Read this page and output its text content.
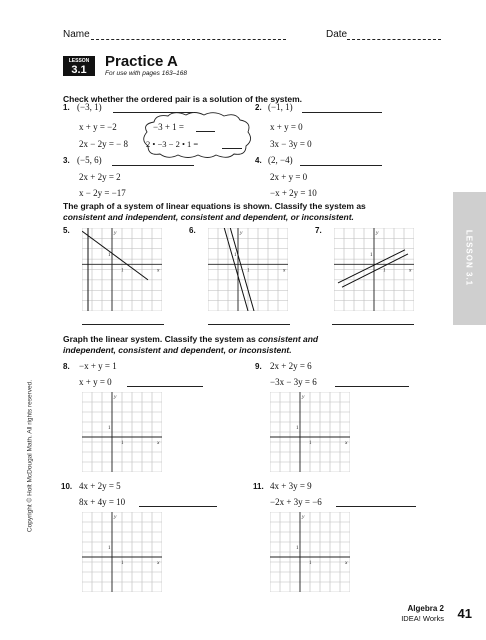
Name	Date
LESSON
3.1	Practice A
For use with pages 163–168
Check whether the ordered pair is a solution of the system.
1. (−3, 1)
x + y = −2
2x − 2y = − 8
−3 + 1 =
2 • −3 − 2 • 1 =
2. (−1, 1)
x + y = 0
3x − 3y = 0
3. (−5, 6)
2x + 2y = 2
x − 2y = −17
4. (2, −4)
2x + y = 0
−x + 2y = 10
The graph of a system of linear equations is shown. Classify the system as
consistent and independent, consistent and dependent, or inconsistent.
5.	6.	7.
x
y
1
1	x
y
1
1	x
y
1
1
Graph the linear system. Classify the system as consistent and
independent, consistent and dependent, or inconsistent.
8. −x + y = 1
x + y = 0
9. 2x + 2y = 6
−3x − 3y = 6
x
y
1
1	x
y
1
1
10. 4x + 2y = 5
8x + 4y = 10
11. 4x + 3y = 9
−2x + 3y = −6
x
y
1
1	x
y
1
1
LESSON 3.1
Copyright © Holt McDougal Math. All rights reserved.
Algebra 2
IDEA! Works 41
